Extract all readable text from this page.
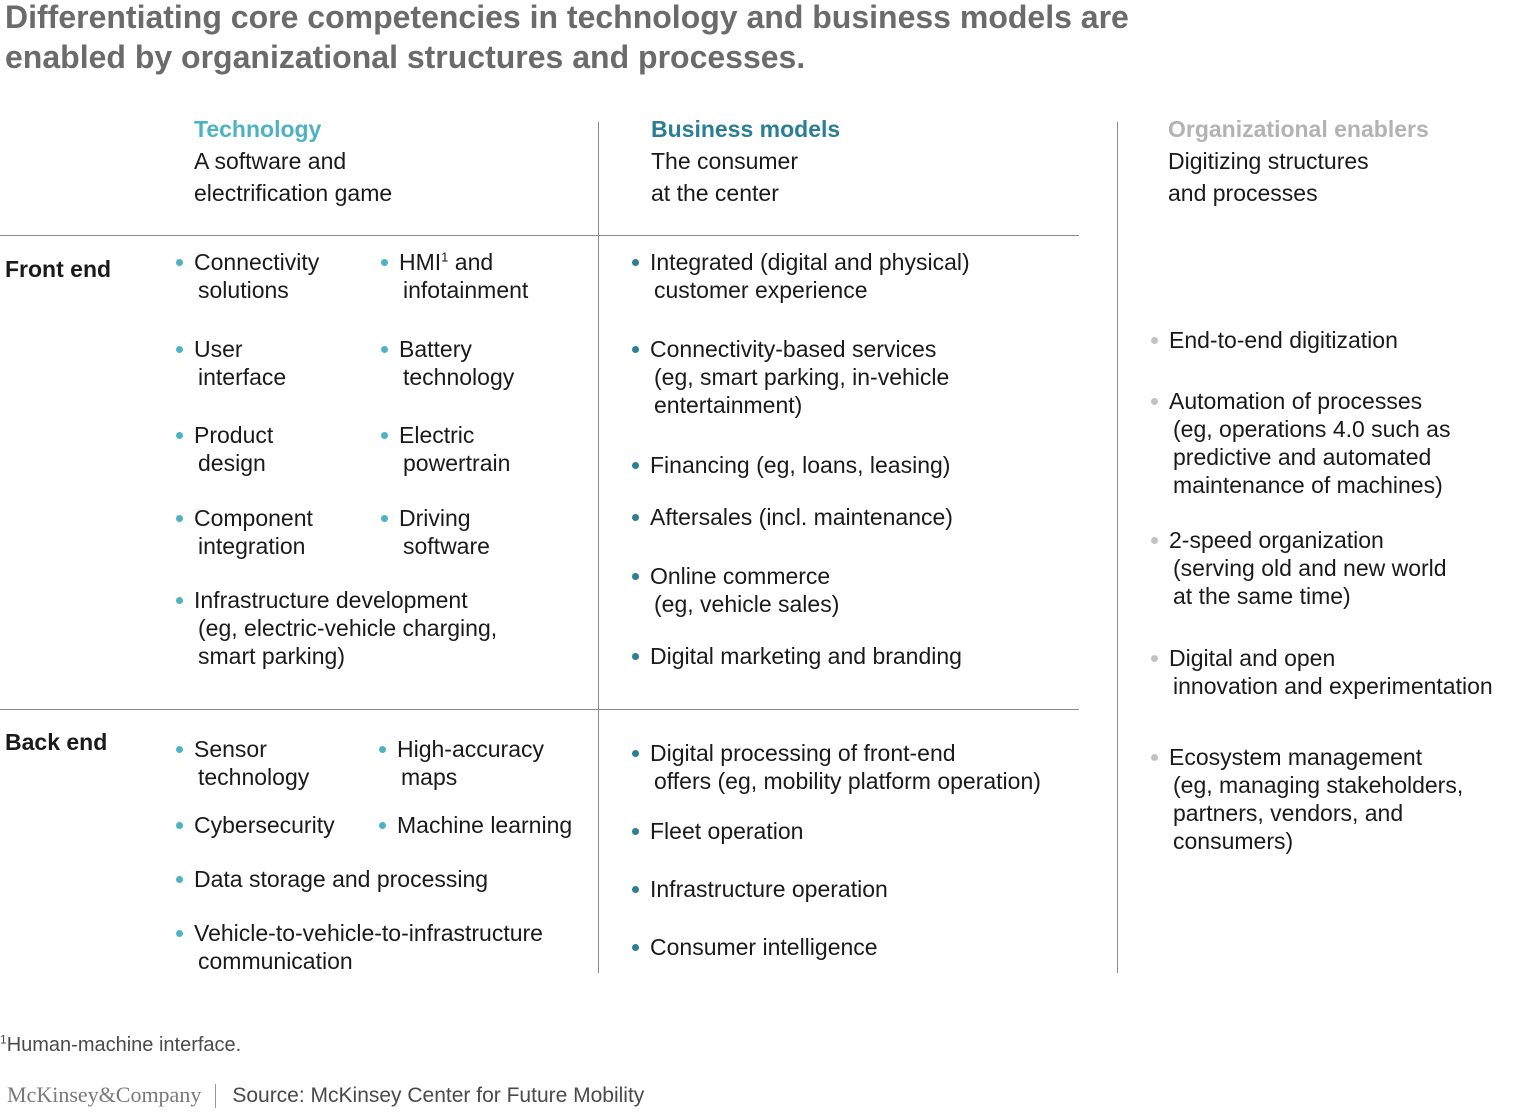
Differentiating core competencies in technology and business models are enabled by organizational structures and processes.
Technology
A software and
electrification game
Business models
The consumer
at the center
Organizational enablers
Digitizing structures
and processes
Front end
Back end
Connectivity
solutions
HMI$^1$ and
infotainment
User
interface
Battery
technology
Product
design
Electric
powertrain
Component
integration
Driving
software
Infrastructure development
(eg, electric-vehicle charging,
smart parking)
Sensor
technology
High-accuracy
maps
Cybersecurity	Machine learning
Data storage and processing
Vehicle-to-vehicle-to-infrastructure
communication
Integrated (digital and physical)
customer experience
Connectivity-based services
(eg, smart parking, in-vehicle
entertainment)
Financing (eg, loans, leasing)
Aftersales (incl. maintenance)
Online commerce
(eg, vehicle sales)
Digital marketing and branding
Digital processing of front-end
offers (eg, mobility platform operation)
Fleet operation
Infrastructure operation
Consumer intelligence
End-to-end digitization
Automation of processes
(eg, operations 4.0 such as
predictive and automated
maintenance of machines)
2-speed organization
(serving old and new world
at the same time)
Digital and open
innovation and experimentation
Ecosystem management
(eg, managing stakeholders,
partners, vendors, and
consumers)
$^1$Human-machine interface.
McKinsey&Company Source: McKinsey Center for Future Mobility
